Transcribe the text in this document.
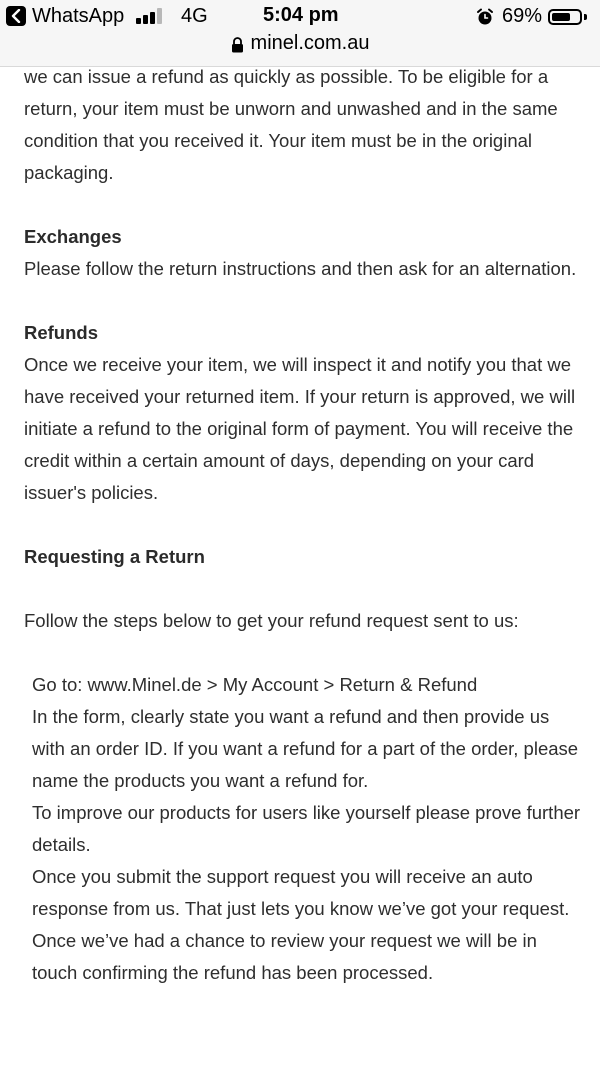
WhatsApp	4G	5:04 pm	69%
minel.com.au

we can issue a refund as quickly as possible. To be eligible for a return, your item must be unworn and unwashed and in the same condition that you received it. Your item must be in the original packaging.

Exchanges

Please follow the return instructions and then ask for an alternation.

Refunds

Once we receive your item, we will inspect it and notify you that we have received your returned item. If your return is approved, we will initiate a refund to the original form of payment. You will receive the credit within a certain amount of days, depending on your card issuer's policies.

Requesting a Return

Follow the steps below to get your refund request sent to us:

Go to: www.Minel.de > My Account > Return & Refund

In the form, clearly state you want a refund and then provide us with an order ID. If you want a refund for a part of the order, please name the products you want a refund for.

To improve our products for users like yourself please prove further details.

Once you submit the support request you will receive an auto response from us. That just lets you know we’ve got your request.

Once we’ve had a chance to review your request we will be in touch confirming the refund has been processed.
